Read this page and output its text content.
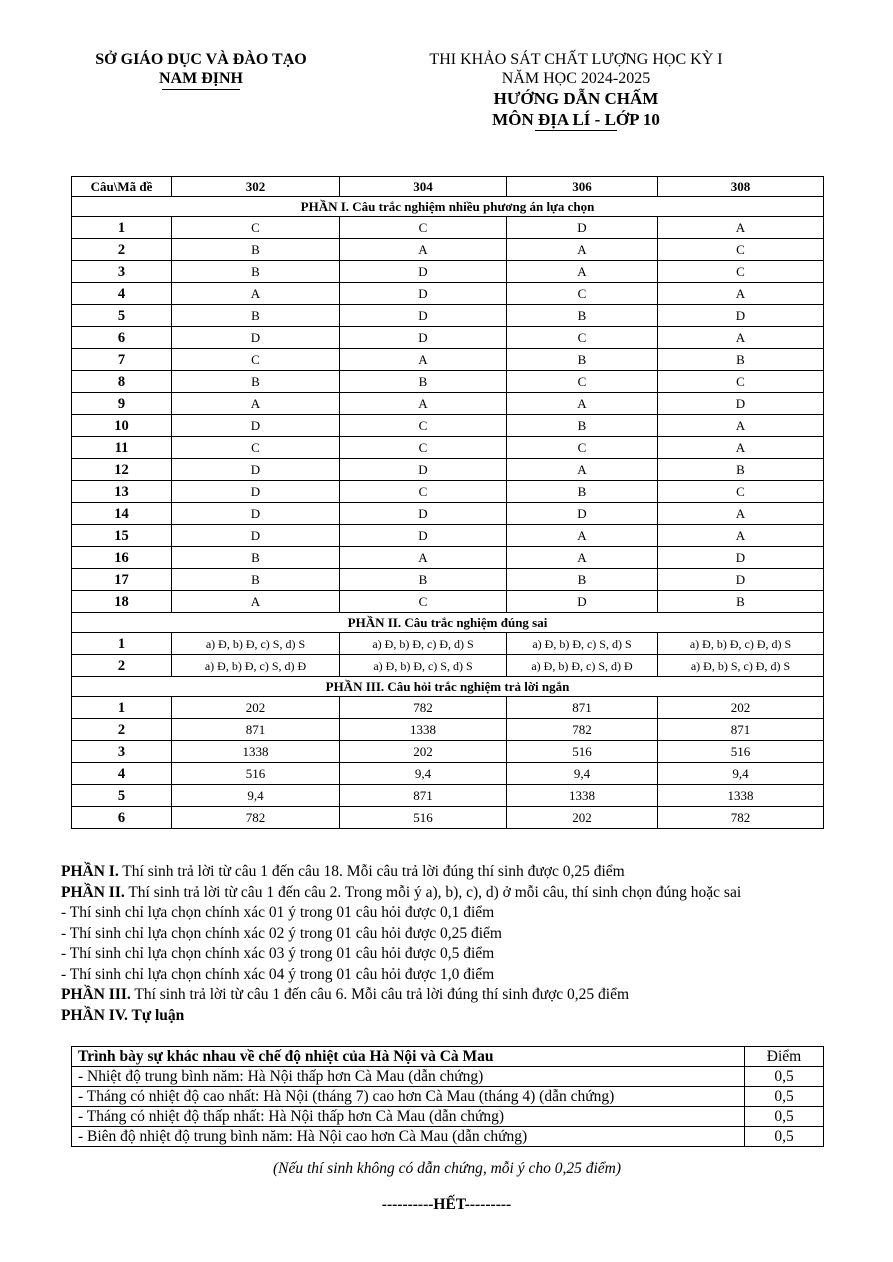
SỞ GIÁO DỤC VÀ ĐÀO TẠO
NAM ĐỊNH
THI KHẢO SÁT CHẤT LƯỢNG HỌC KỲ I
NĂM HỌC 2024-2025
HƯỚNG DẪN CHẤM
MÔN ĐỊA LÍ - LỚP 10
Câu\Mã đề	302	304	306	308
PHẦN I. Câu trắc nghiệm nhiều phương án lựa chọn				
1	C	C	D	A
2	B	A	A	C
3	B	D	A	C
4	A	D	C	A
5	B	D	B	D
6	D	D	C	A
7	C	A	B	B
8	B	B	C	C
9	A	A	A	D
10	D	C	B	A
11	C	C	C	A
12	D	D	A	B
13	D	C	B	C
14	D	D	D	A
15	D	D	A	A
16	B	A	A	D
17	B	B	B	D
18	A	C	D	B
PHẦN II. Câu trắc nghiệm đúng sai				
1	a) Đ, b) Đ, c) S, d) S	a) Đ, b) Đ, c) Đ, d) S	a) Đ, b) Đ, c) S, d) S	a) Đ, b) Đ, c) Đ, d) S
2	a) Đ, b) Đ, c) S, d) Đ	a) Đ, b) Đ, c) S, d) S	a) Đ, b) Đ, c) S, d) Đ	a) Đ, b) S, c) Đ, d) S
PHẦN III. Câu hỏi trắc nghiệm trả lời ngắn				
1	202	782	871	202
2	871	1338	782	871
3	1338	202	516	516
4	516	9,4	9,4	9,4
5	9,4	871	1338	1338
6	782	516	202	782

PHẦN I. Thí sinh trả lời từ câu 1 đến câu 18. Mỗi câu trả lời đúng thí sinh được 0,25 điểm

PHẦN II. Thí sinh trả lời từ câu 1 đến câu 2. Trong mỗi ý a), b), c), d) ở mỗi câu, thí sinh chọn đúng hoặc sai

- Thí sinh chỉ lựa chọn chính xác 01 ý trong 01 câu hỏi được 0,1 điểm

- Thí sinh chỉ lựa chọn chính xác 02 ý trong 01 câu hỏi được 0,25 điểm

- Thí sinh chỉ lựa chọn chính xác 03 ý trong 01 câu hỏi được 0,5 điểm

- Thí sinh chỉ lựa chọn chính xác 04 ý trong 01 câu hỏi được 1,0 điểm

PHẦN III. Thí sinh trả lời từ câu 1 đến câu 6. Mỗi câu trả lời đúng thí sinh được 0,25 điểm

PHẦN IV. Tự luận

Trình bày sự khác nhau về chế độ nhiệt của Hà Nội và Cà Mau	Điểm
- Nhiệt độ trung bình năm: Hà Nội thấp hơn Cà Mau (dẫn chứng)	0,5
- Tháng có nhiệt độ cao nhất: Hà Nội (tháng 7) cao hơn Cà Mau (tháng 4) (dẫn chứng)	0,5
- Tháng có nhiệt độ thấp nhất: Hà Nội thấp hơn Cà Mau (dẫn chứng)	0,5
- Biên độ nhiệt độ trung bình năm: Hà Nội cao hơn Cà Mau (dẫn chứng)	0,5
(Nếu thí sinh không có dẫn chứng, mỗi ý cho 0,25 điểm)
----------HẾT---------
